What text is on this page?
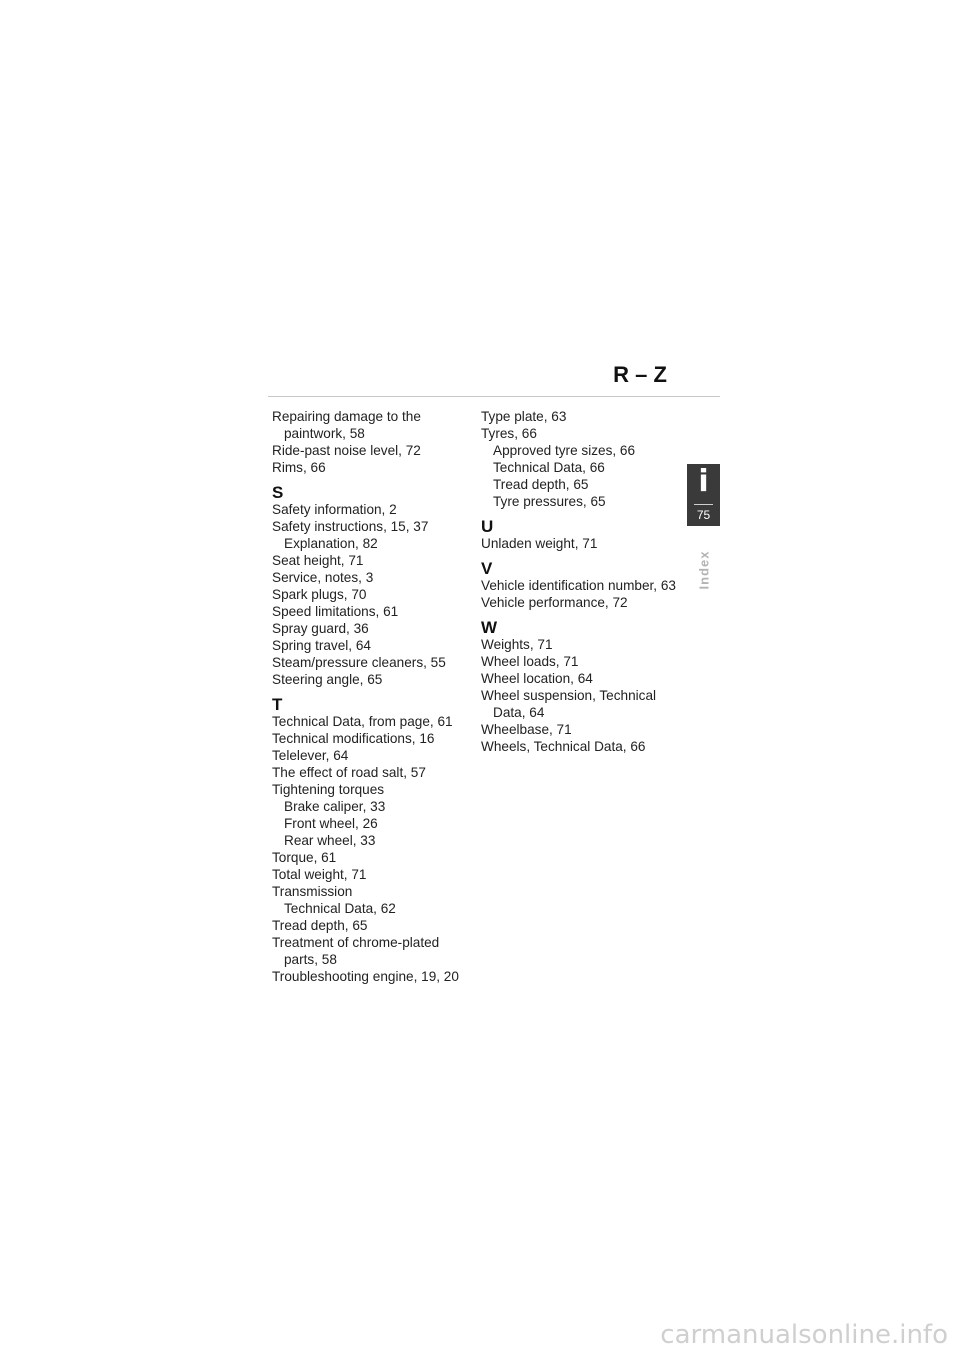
R – Z
Repairing damage to the
paintwork, 58
Ride-past noise level, 72
Rims, 66
S
Safety information, 2
Safety instructions, 15, 37
Explanation, 82
Seat height, 71
Service, notes, 3
Spark plugs, 70
Speed limitations, 61
Spray guard, 36
Spring travel, 64
Steam/pressure cleaners, 55
Steering angle, 65
T
Technical Data, from page, 61
Technical modifications, 16
Telelever, 64
The effect of road salt, 57
Tightening torques
Brake caliper, 33
Front wheel, 26
Rear wheel, 33
Torque, 61
Total weight, 71
Transmission
Technical Data, 62
Tread depth, 65
Treatment of chrome-plated
parts, 58
Troubleshooting engine, 19, 20
Type plate, 63
Tyres, 66
Approved tyre sizes, 66
Technical Data, 66
Tread depth, 65
Tyre pressures, 65
U
Unladen weight, 71
V
Vehicle identification number, 63
Vehicle performance, 72
W
Weights, 71
Wheel loads, 71
Wheel location, 64
Wheel suspension, Technical
Data, 64
Wheelbase, 71
Wheels, Technical Data, 66
i
75
Index
carmanualsonline.info
